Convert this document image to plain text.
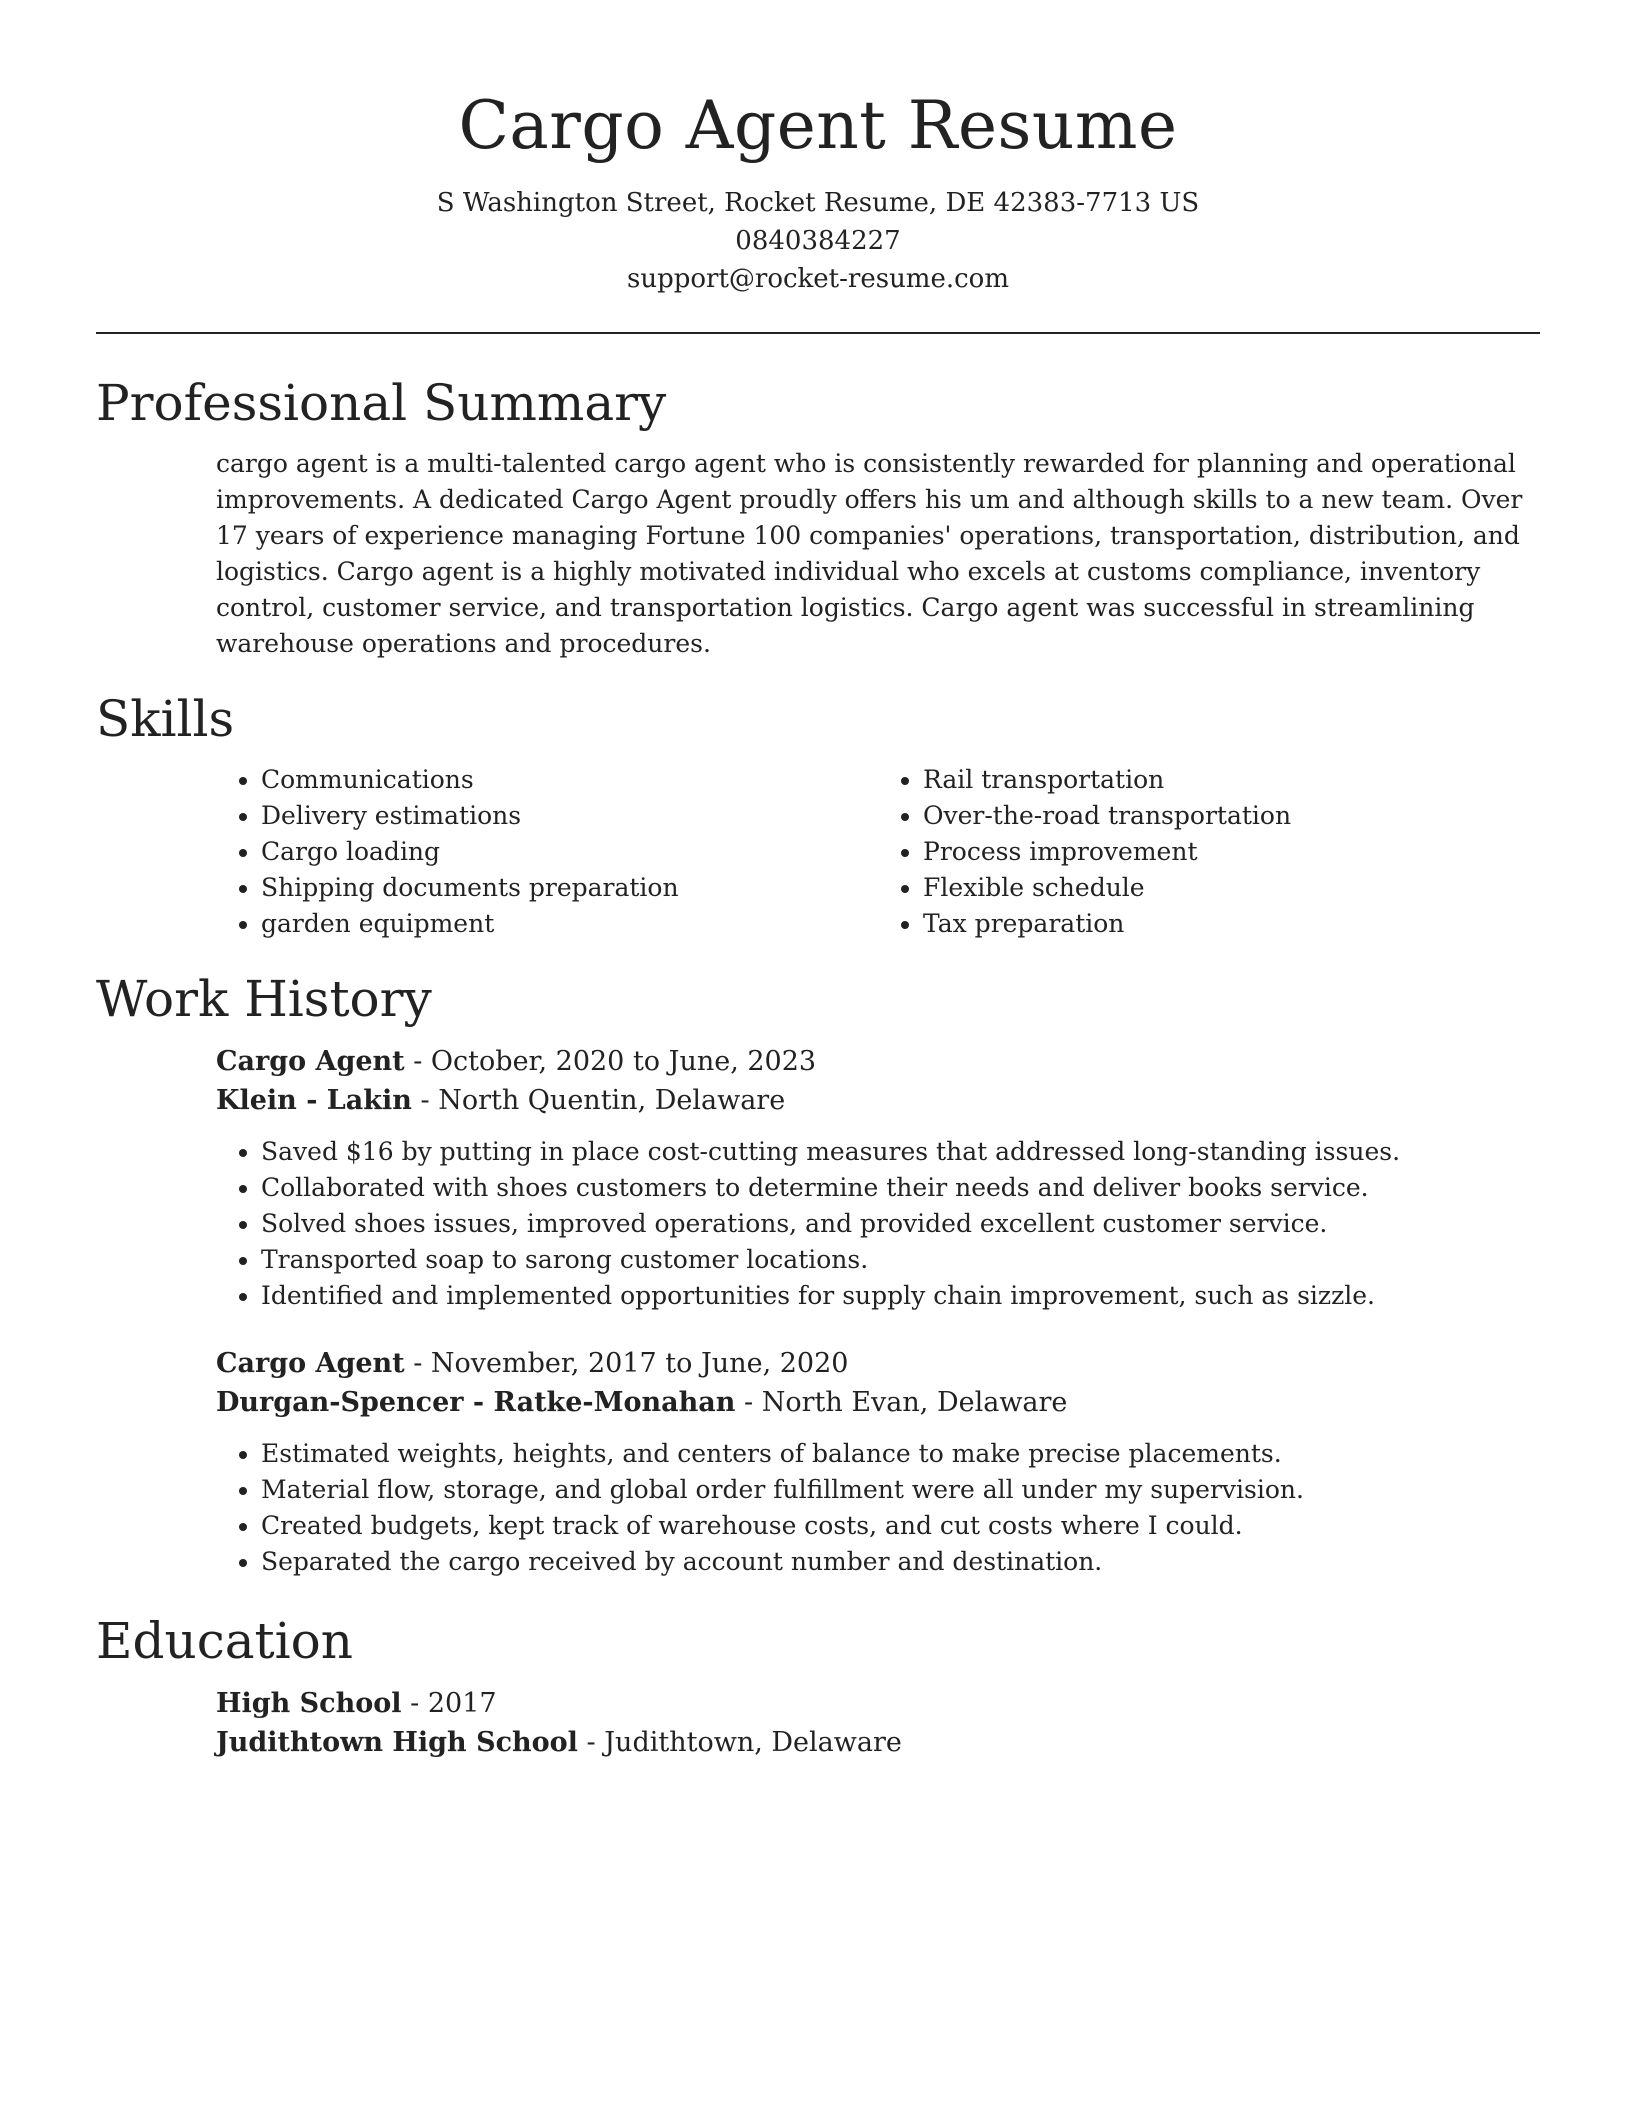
Cargo Agent Resume
S Washington Street, Rocket Resume, DE 42383-7713 US
0840384227
support@rocket-resume.com
Professional Summary

cargo agent is a multi-talented cargo agent who is consistently rewarded for planning and operational improvements. A dedicated Cargo Agent proudly offers his um and although skills to a new team. Over 17 years of experience managing Fortune 100 companies' operations, transportation, distribution, and logistics. Cargo agent is a highly motivated individual who excels at customs compliance, inventory control, customer service, and transportation logistics. Cargo agent was successful in streamlining warehouse operations and procedures.

Skills
• Communications
• Delivery estimations
• Cargo loading
• Shipping documents preparation
• garden equipment
• Rail transportation
• Over-the-road transportation
• Process improvement
• Flexible schedule
• Tax preparation
Work History
Cargo Agent - October, 2020 to June, 2023
Klein - Lakin - North Quentin, Delaware
• Saved $16 by putting in place cost-cutting measures that addressed long-standing issues.
• Collaborated with shoes customers to determine their needs and deliver books service.
• Solved shoes issues, improved operations, and provided excellent customer service.
• Transported soap to sarong customer locations.
• Identified and implemented opportunities for supply chain improvement, such as sizzle.
Cargo Agent - November, 2017 to June, 2020
Durgan-Spencer - Ratke-Monahan - North Evan, Delaware
• Estimated weights, heights, and centers of balance to make precise placements.
• Material flow, storage, and global order fulfillment were all under my supervision.
• Created budgets, kept track of warehouse costs, and cut costs where I could.
• Separated the cargo received by account number and destination.
Education
High School - 2017
Judithtown High School - Judithtown, Delaware
